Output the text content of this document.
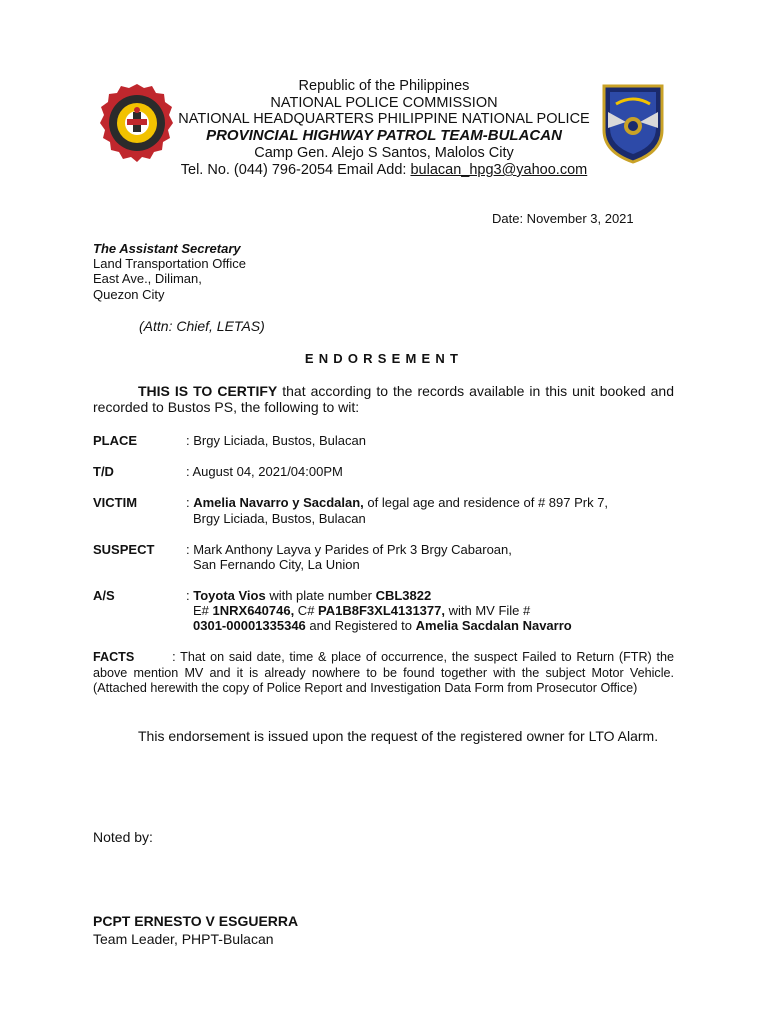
Republic of the Philippines
NATIONAL POLICE COMMISSION
NATIONAL HEADQUARTERS PHILIPPINE NATIONAL POLICE
PROVINCIAL HIGHWAY PATROL TEAM-BULACAN
Camp Gen. Alejo S Santos, Malolos City
Tel. No. (044) 796-2054 Email Add: bulacan_hpg3@yahoo.com
Date: November 3, 2021
The Assistant Secretary
Land Transportation Office
East Ave., Diliman,
Quezon City
(Attn: Chief, LETAS)
ENDORSEMENT
THIS IS TO CERTIFY that according to the records available in this unit booked and recorded to Bustos PS, the following to wit:
PLACE	: Brgy Liciada, Bustos, Bulacan
T/D	: August 04, 2021/04:00PM
VICTIM	: Amelia Navarro y Sacdalan, of legal age and residence of # 897 Prk 7,
Brgy Liciada, Bustos, Bulacan
SUSPECT : Mark Anthony Layva y Parides of Prk 3 Brgy Cabaroan,
San Fernando City, La Union
A/S	: Toyota Vios with plate number CBL3822
E# 1NRX640746, C# PA1B8F3XL4131377, with MV File #
0301-00001335346 and Registered to Amelia Sacdalan Navarro
FACTS        : That on said date, time & place of occurrence, the suspect Failed to Return (FTR) the above mention MV and it is already nowhere to be found together with the subject Motor Vehicle. (Attached herewith the copy of Police Report and Investigation Data Form from Prosecutor Office)
This endorsement is issued upon the request of the registered owner for LTO Alarm.
Noted by:
PCPT ERNESTO V ESGUERRA
Team Leader, PHPT-Bulacan
